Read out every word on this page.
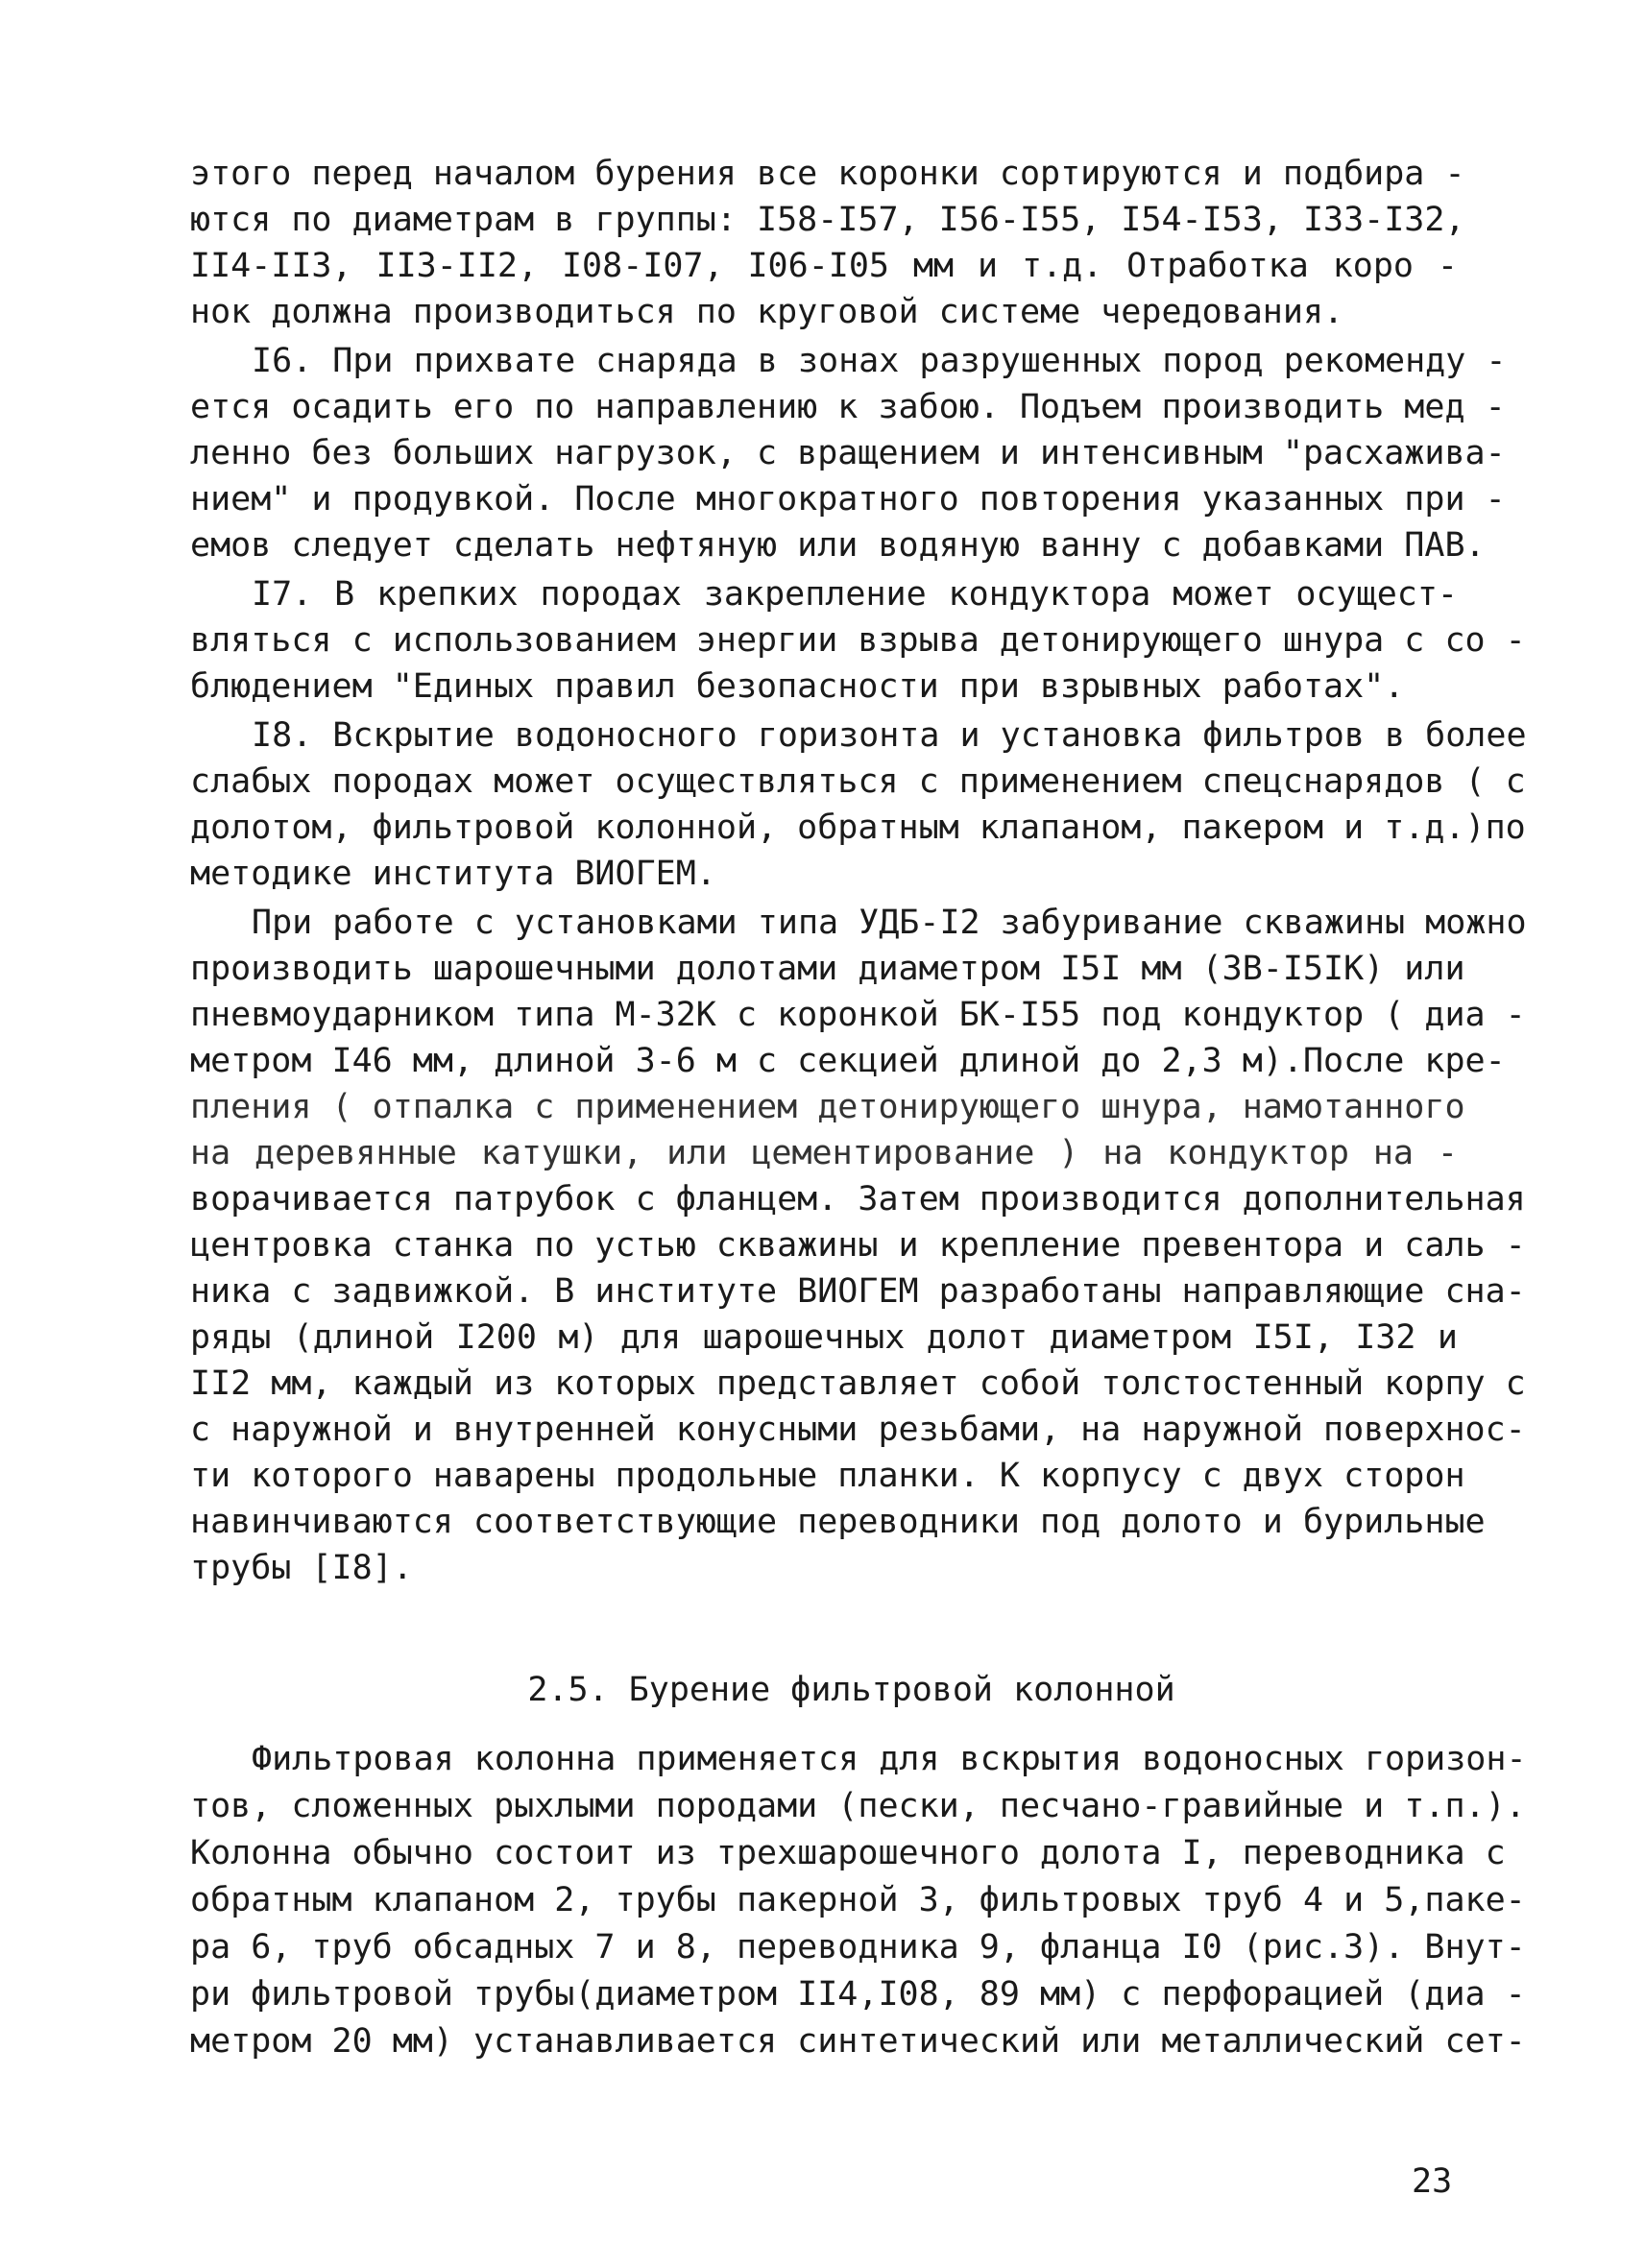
этого перед началом бурения все коронки сортируются и подбира -
ются по диаметрам в группы: I58-I57, I56-I55, I54-I53, I33-I32,
II4-II3, II3-II2, I08-I07, I06-I05 мм и т.д. Отработка коро -
нок должна производиться по круговой системе чередования.
I6. При прихвате снаряда в зонах разрушенных пород рекоменду -
ется осадить его по направлению к забою. Подъем производить мед -
ленно без больших нагрузок, с вращением и интенсивным "расхажива-
нием" и продувкой. После многократного повторения указанных при -
емов следует сделать нефтяную или водяную ванну с добавками ПАВ.
I7. В крепких породах закрепление кондуктора может осущест-
вляться с использованием энергии взрыва детонирующего шнура с со -
блюдением "Единых правил безопасности при взрывных работах".
I8. Вскрытие водоносного горизонта и установка фильтров в более
слабых породах может осуществляться с применением спецснарядов ( с
долотом, фильтровой колонной, обратным клапаном, пакером и т.д.)по
методике института ВИОГЕМ.
При работе с установками типа УДБ-I2 забуривание скважины можно
производить шарошечными долотами диаметром I5I мм (3В-I5IК) или
пневмоударником типа М-32К с коронкой БК-I55 под кондуктор ( диа -
метром I46 мм, длиной 3-6 м с секцией длиной до 2,3 м).После кре-
пления ( отпалка с применением детонирующего шнура, намотанного
на деревянные катушки, или цементирование ) на кондуктор на -
ворачивается патрубок с фланцем. Затем производится дополнительная
центровка станка по устью скважины и крепление превентора и саль -
ника с задвижкой. В институте ВИОГЕМ разработаны направляющие сна-
ряды (длиной I200 м) для шарошечных долот диаметром I5I, I32 и
II2 мм, каждый из которых представляет собой толстостенный корпу с
с наружной и внутренней конусными резьбами, на наружной поверхнос-
ти которого наварены продольные планки. К корпусу с двух сторон
навинчиваются соответствующие переводники под долото и бурильные
трубы [I8].
2.5. Бурение фильтровой колонной
Фильтровая колонна применяется для вскрытия водоносных горизон-
тов, сложенных рыхлыми породами (пески, песчано-гравийные и т.п.).
Колонна обычно состоит из трехшарошечного долота I, переводника с
обратным клапаном 2, трубы пакерной 3, фильтровых труб 4 и 5,паке-
ра 6, труб обсадных 7 и 8, переводника 9, фланца I0 (рис.3). Внут-
ри фильтровой трубы(диаметром II4,I08, 89 мм) с перфорацией (диа -
метром 20 мм) устанавливается синтетический или металлический сет-
23
